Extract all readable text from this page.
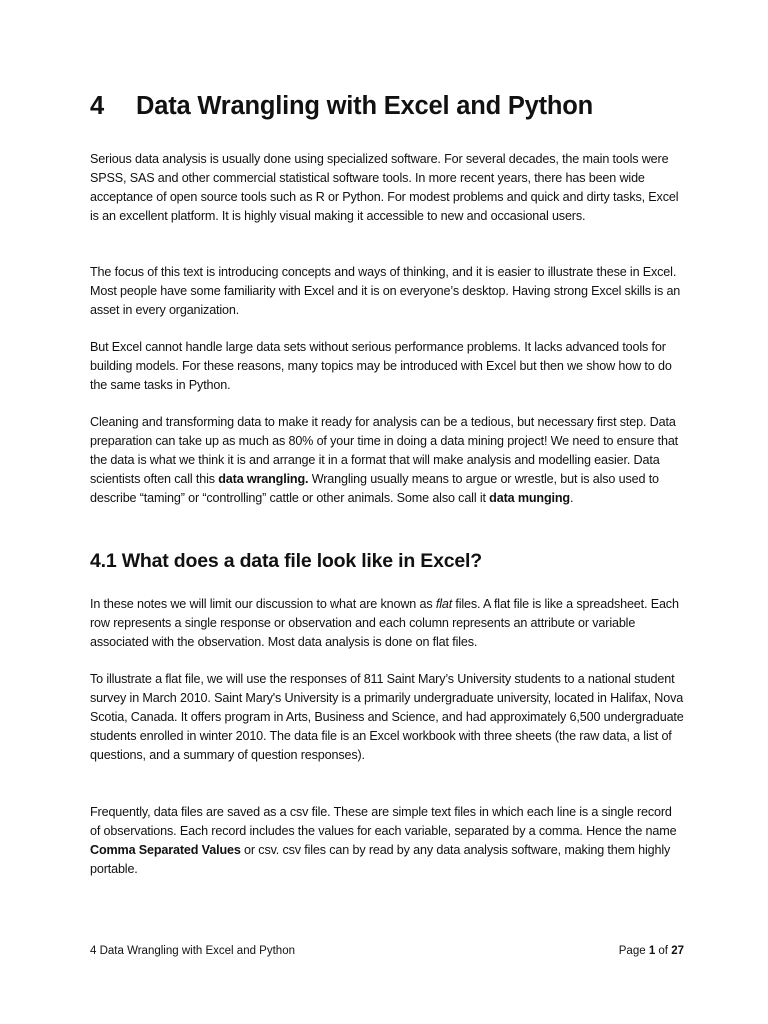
4 Data Wrangling with Excel and Python

Serious data analysis is usually done using specialized software. For several decades, the main tools were SPSS, SAS and other commercial statistical software tools. In more recent years, there has been wide acceptance of open source tools such as R or Python. For modest problems and quick and dirty tasks, Excel is an excellent platform. It is highly visual making it accessible to new and occasional users.

The focus of this text is introducing concepts and ways of thinking, and it is easier to illustrate these in Excel. Most people have some familiarity with Excel and it is on everyone’s desktop. Having strong Excel skills is an asset in every organization.

But Excel cannot handle large data sets without serious performance problems. It lacks advanced tools for building models. For these reasons, many topics may be introduced with Excel but then we show how to do the same tasks in Python.

Cleaning and transforming data to make it ready for analysis can be a tedious, but necessary first step. Data preparation can take up as much as 80% of your time in doing a data mining project! We need to ensure that the data is what we think it is and arrange it in a format that will make analysis and modelling easier. Data scientists often call this data wrangling. Wrangling usually means to argue or wrestle, but is also used to describe “taming” or “controlling” cattle or other animals. Some also call it data munging.

4.1 What does a data file look like in Excel?

In these notes we will limit our discussion to what are known as flat files. A flat file is like a spreadsheet. Each row represents a single response or observation and each column represents an attribute or variable associated with the observation. Most data analysis is done on flat files.

To illustrate a flat file, we will use the responses of 811 Saint Mary’s University students to a national student survey in March 2010. Saint Mary's University is a primarily undergraduate university, located in Halifax, Nova Scotia, Canada. It offers program in Arts, Business and Science, and had approximately 6,500 undergraduate students enrolled in winter 2010. The data file is an Excel workbook with three sheets (the raw data, a list of questions, and a summary of question responses).

Frequently, data files are saved as a csv file. These are simple text files in which each line is a single record of observations. Each record includes the values for each variable, separated by a comma. Hence the name Comma Separated Values or csv. csv files can by read by any data analysis software, making them highly portable.

4 Data Wrangling with Excel and Python	Page 1 of 27
